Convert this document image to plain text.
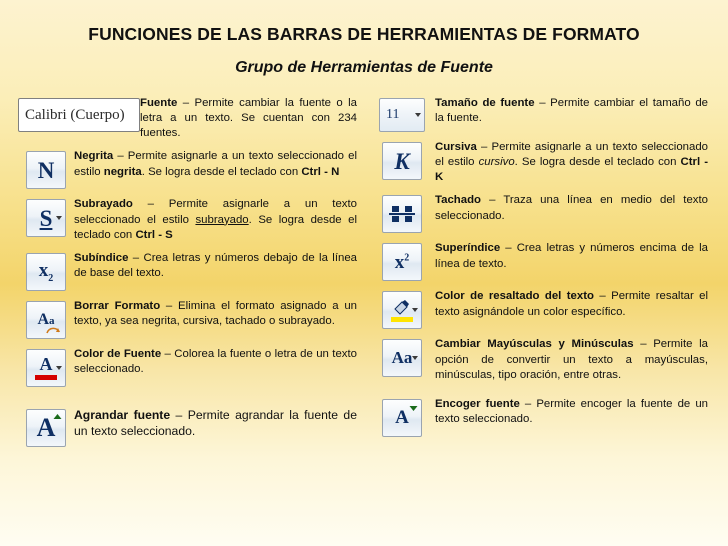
FUNCIONES DE LAS BARRAS DE HERRAMIENTAS DE FORMATO
Grupo de Herramientas de Fuente
Calibri (Cuerpo)
Fuente – Permite cambiar la fuente o la letra a un texto. Se cuentan con 234 fuentes.
N
Negrita – Permite asignarle a un texto seleccionado el estilo negrita. Se logra desde el teclado con Ctrl - N
S
Subrayado – Permite asignarle a un texto seleccionado el estilo subrayado. Se logra desde el teclado con Ctrl - S
$x_2$
Subíndice – Crea letras y números debajo de la línea de base del texto.
Aa
Borrar Formato – Elimina el formato asignado a un texto, ya sea negrita, cursiva, tachado o subrayado.
A
Color de Fuente – Colorea la fuente o letra de un texto seleccionado.
A Agrandar fuente – Permite agrandar la fuente de un texto seleccionado.
11
Tamaño de fuente – Permite cambiar el tamaño de la fuente.
K
Cursiva – Permite asignarle a un texto seleccionado el estilo cursivo. Se logra desde el teclado con Ctrl - K
Tachado – Traza una línea en medio del texto seleccionado.
$x^2$
Superíndice – Crea letras y números encima de la línea de texto.
Color de resaltado del texto – Permite resaltar el texto asignándole un color específico.
Aa
Cambiar Mayúsculas y Minúsculas – Permite la opción de convertir un texto a mayúsculas, minúsculas, tipo oración, entre otras.
A
Encoger fuente – Permite encoger la fuente de un texto seleccionado.
